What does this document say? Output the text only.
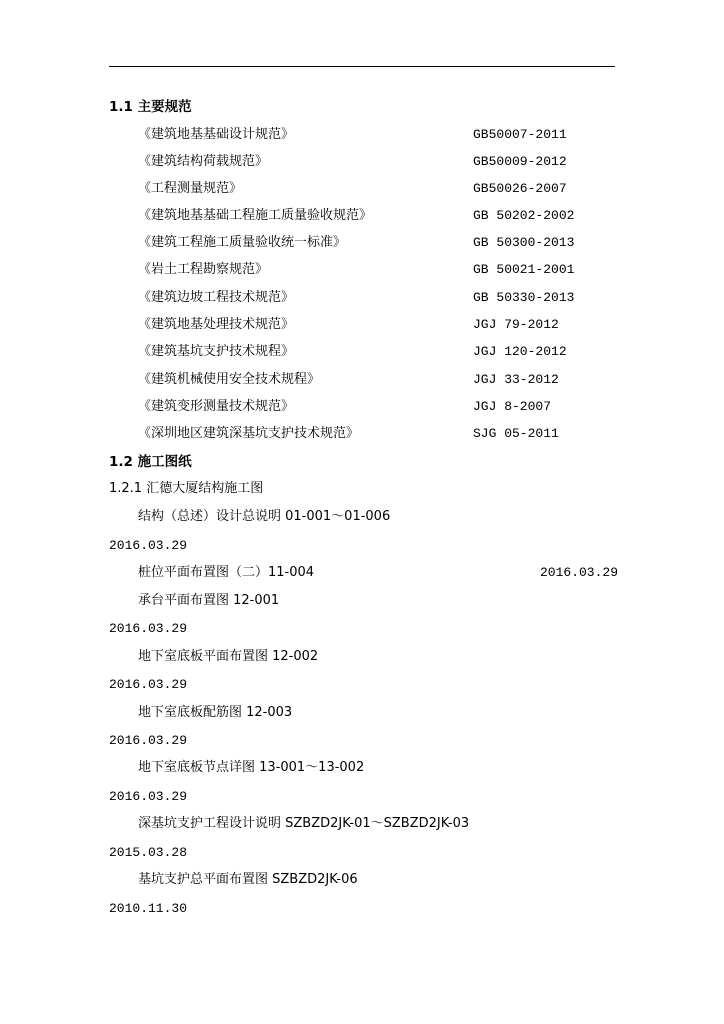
1.1 主要规范
《建筑地基基础设计规范》	GB50007-2011
《建筑结构荷载规范》	GB50009-2012
《工程测量规范》	GB50026-2007
《建筑地基基础工程施工质量验收规范》	GB 50202-2002
《建筑工程施工质量验收统一标准》	GB 50300-2013
《岩土工程勘察规范》	GB 50021-2001
《建筑边坡工程技术规范》	GB 50330-2013
《建筑地基处理技术规范》	JGJ 79-2012
《建筑基坑支护技术规程》	JGJ 120-2012
《建筑机械使用安全技术规程》	JGJ 33-2012
《建筑变形测量技术规范》	JGJ 8-2007
《深圳地区建筑深基坑支护技术规范》	SJG 05-2011
1.2 施工图纸
1.2.1 汇德大厦结构施工图
结构（总述）设计总说明 01-001～01-006
2016.03.29
桩位平面布置图（二）11-004	2016.03.29
承台平面布置图 12-001
2016.03.29
地下室底板平面布置图 12-002
2016.03.29
地下室底板配筋图 12-003
2016.03.29
地下室底板节点详图 13-001～13-002
2016.03.29
深基坑支护工程设计说明 SZBZD2JK-01～SZBZD2JK-03
2015.03.28
基坑支护总平面布置图 SZBZD2JK-06
2010.11.30
